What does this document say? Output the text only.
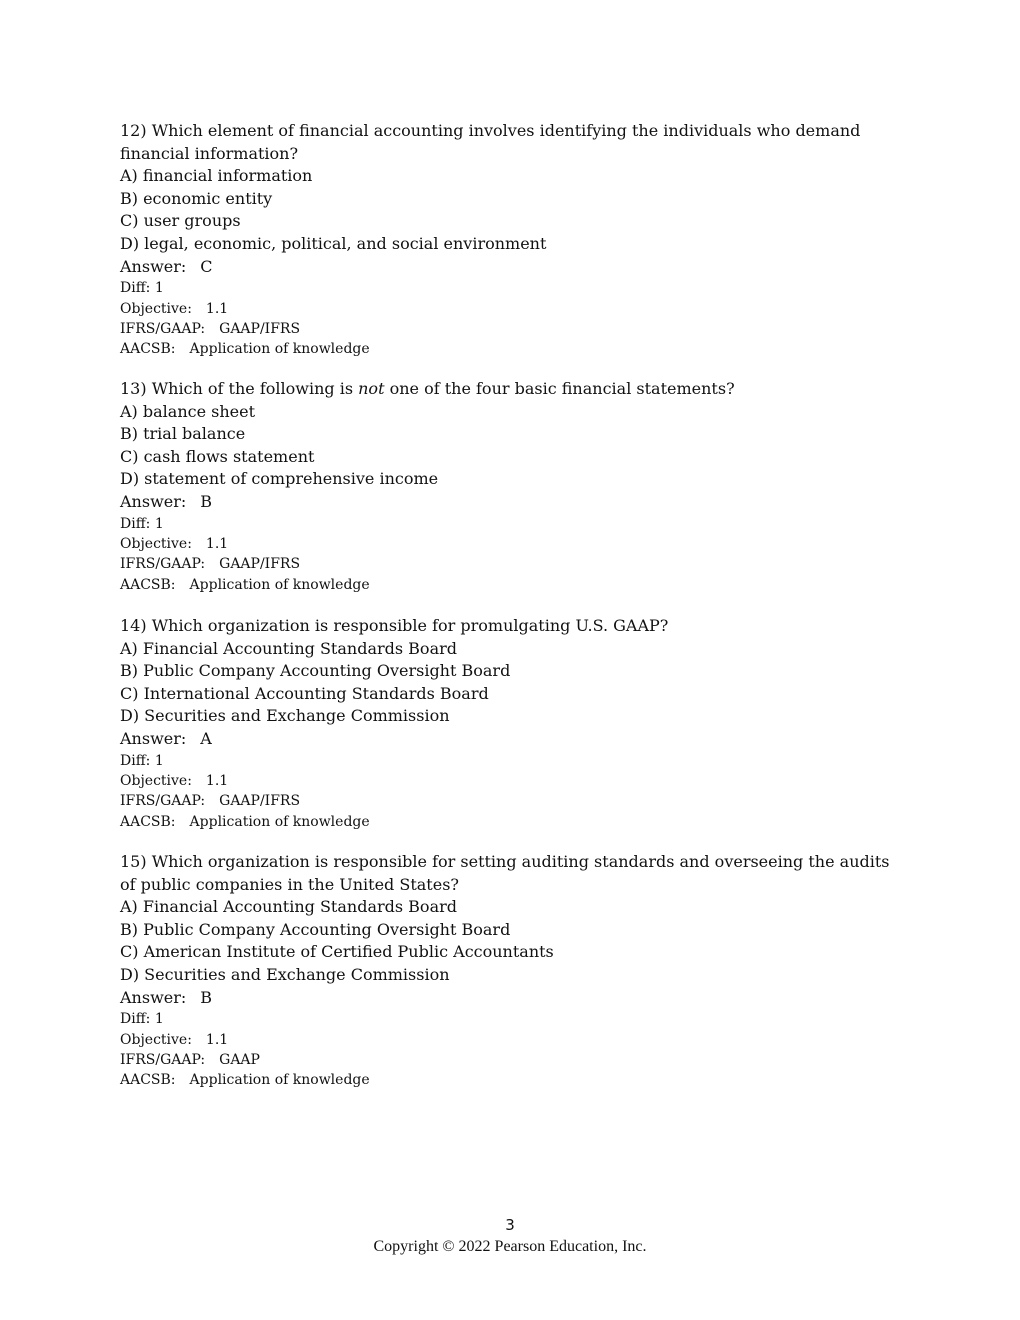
12) Which element of financial accounting involves identifying the individuals who demand financial information?

A) financial information

B) economic entity

C) user groups

D) legal, economic, political, and social environment

Answer: C

Diff: 1

Objective: 1.1

IFRS/GAAP: GAAP/IFRS

AACSB: Application of knowledge

13) Which of the following is not one of the four basic financial statements?

A) balance sheet

B) trial balance

C) cash flows statement

D) statement of comprehensive income

Answer: B

Diff: 1

Objective: 1.1

IFRS/GAAP: GAAP/IFRS

AACSB: Application of knowledge

14) Which organization is responsible for promulgating U.S. GAAP?

A) Financial Accounting Standards Board

B) Public Company Accounting Oversight Board

C) International Accounting Standards Board

D) Securities and Exchange Commission

Answer: A

Diff: 1

Objective: 1.1

IFRS/GAAP: GAAP/IFRS

AACSB: Application of knowledge

15) Which organization is responsible for setting auditing standards and overseeing the audits of public companies in the United States?

A) Financial Accounting Standards Board

B) Public Company Accounting Oversight Board

C) American Institute of Certified Public Accountants

D) Securities and Exchange Commission

Answer: B

Diff: 1

Objective: 1.1

IFRS/GAAP: GAAP

AACSB: Application of knowledge

3
Copyright © 2022 Pearson Education, Inc.
